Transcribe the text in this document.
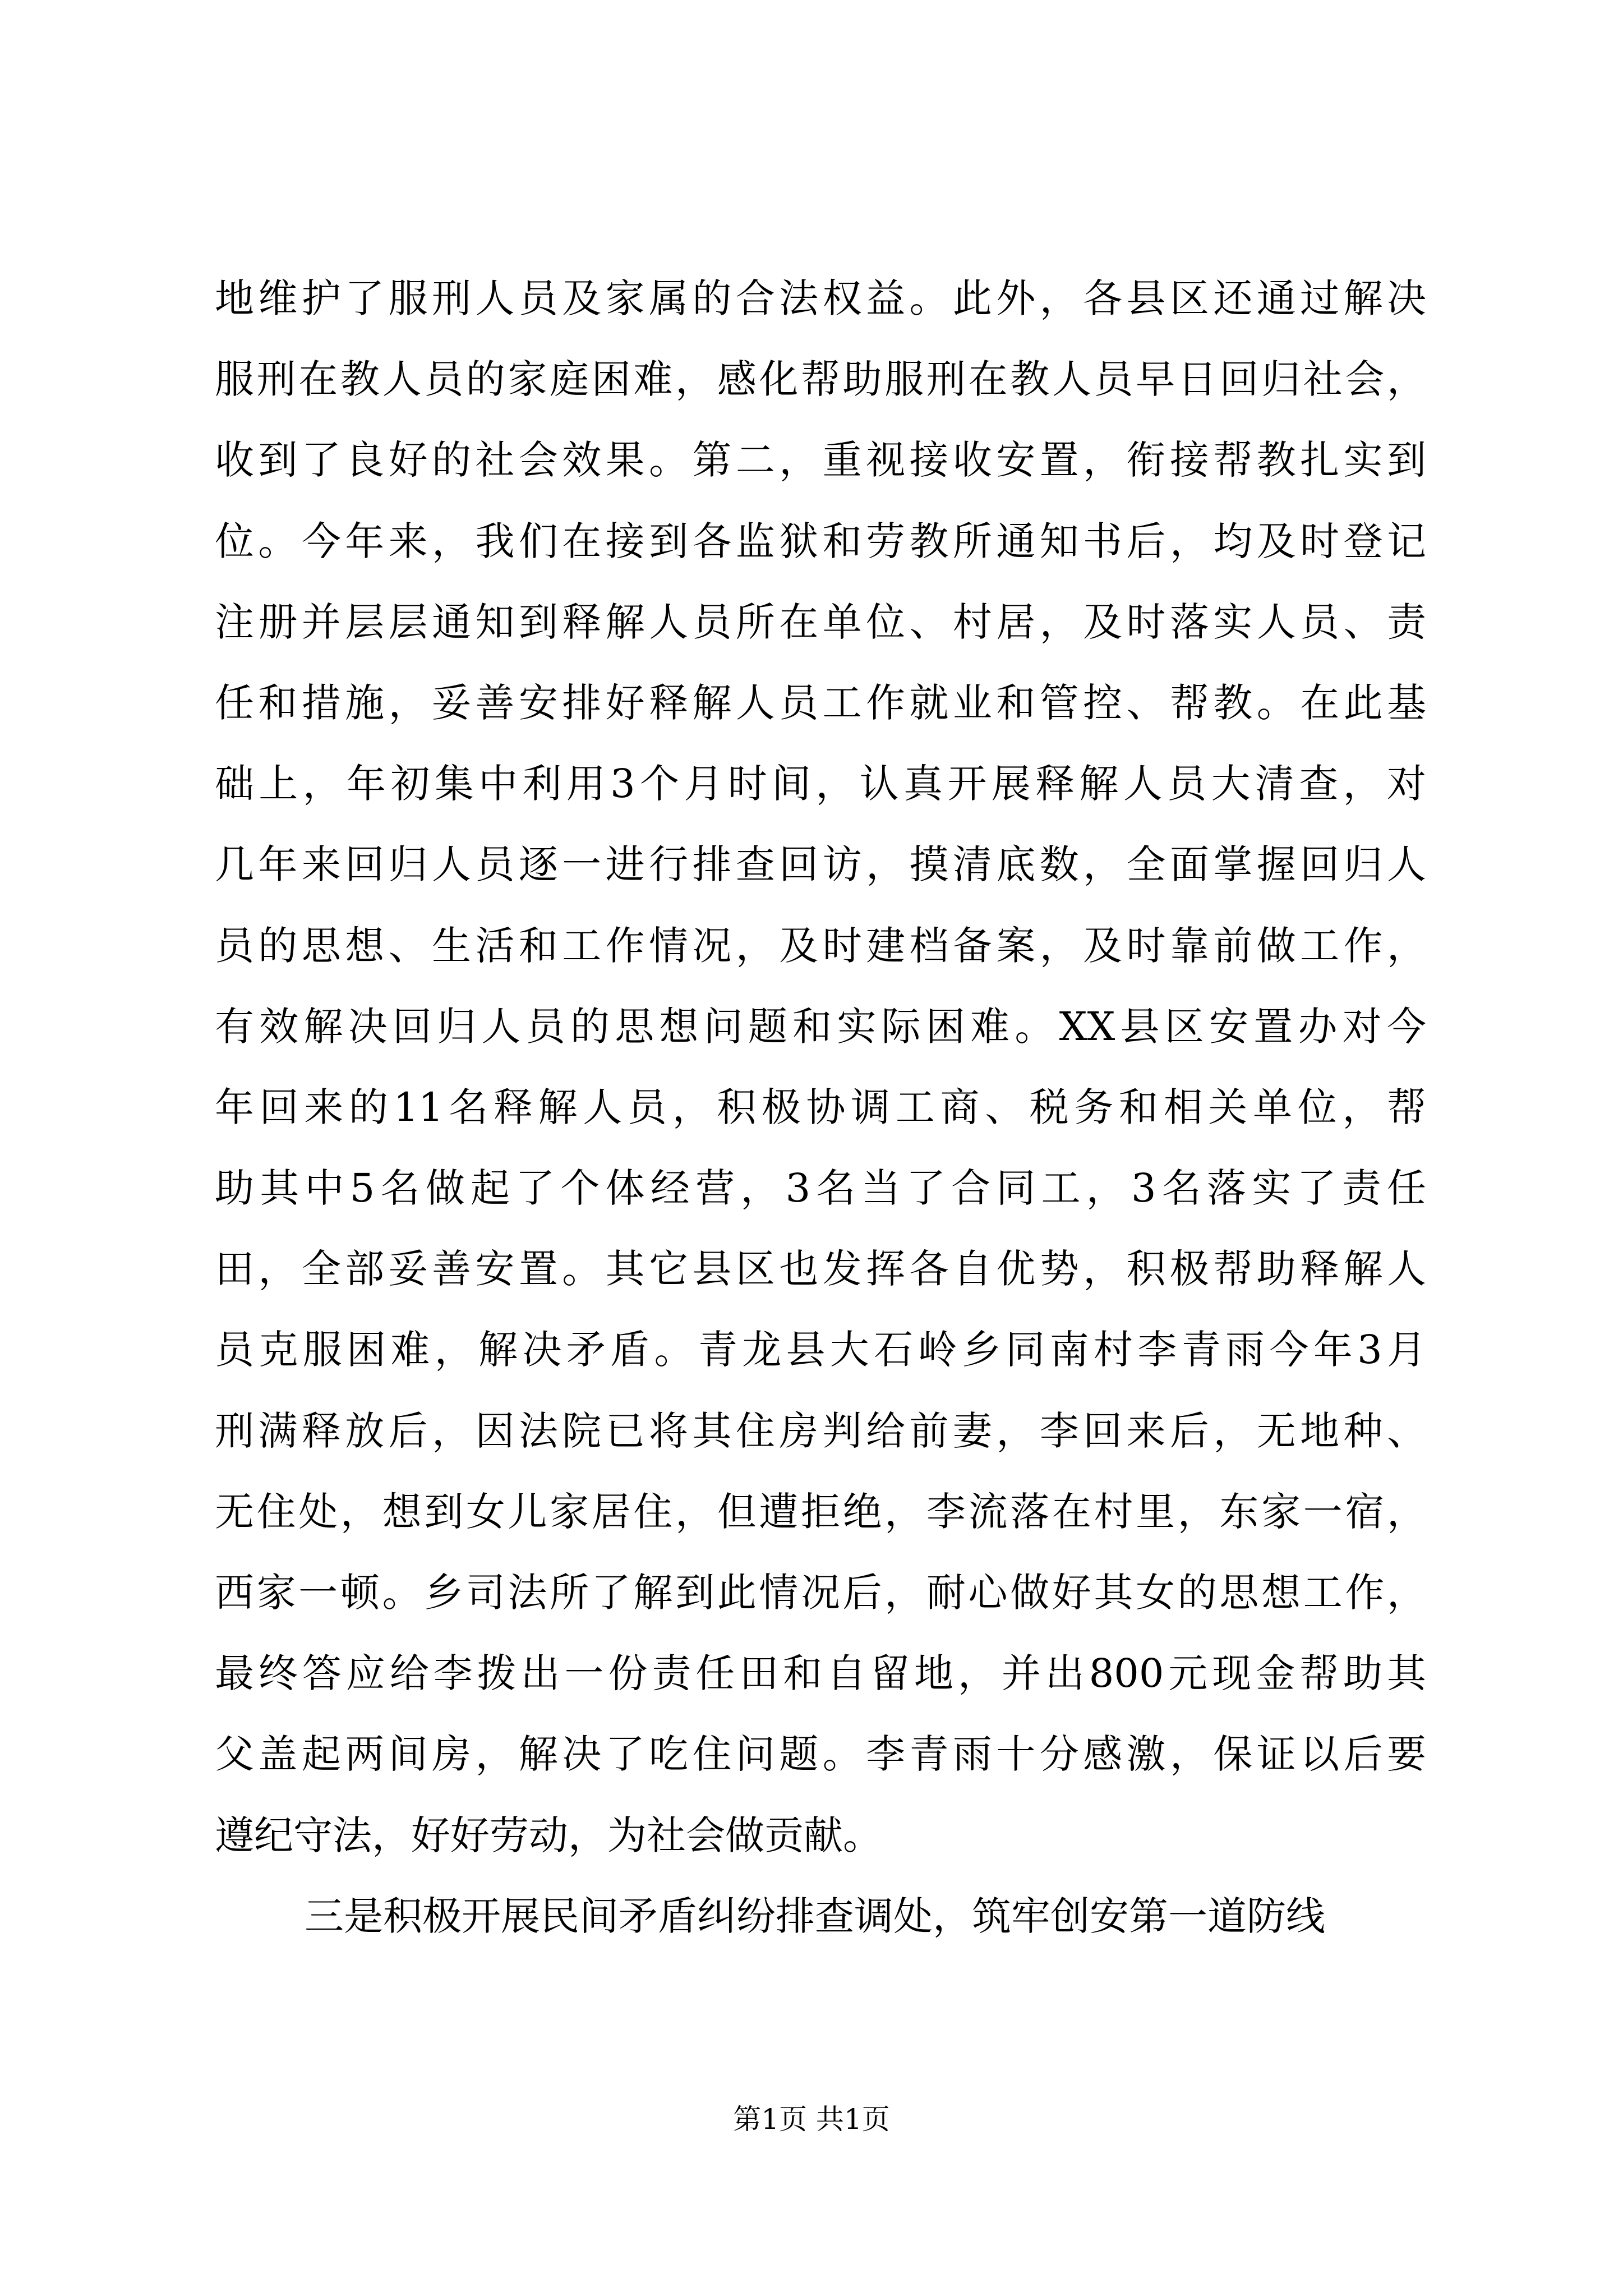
地维护了服刑人员及家属的合法权益。此外，各县区还通过解决
服刑在教人员的家庭困难，感化帮助服刑在教人员早日回归社会，
收到了良好的社会效果。第二，重视接收安置，衔接帮教扎实到
位。今年来，我们在接到各监狱和劳教所通知书后，均及时登记
注册并层层通知到释解人员所在单位、村居，及时落实人员、责
任和措施，妥善安排好释解人员工作就业和管控、帮教。在此基
础上，年初集中利用3个月时间，认真开展释解人员大清查，对
几年来回归人员逐一进行排查回访，摸清底数，全面掌握回归人
员的思想、生活和工作情况，及时建档备案，及时靠前做工作，
有效解决回归人员的思想问题和实际困难。XX县区安置办对今
年回来的11名释解人员，积极协调工商、税务和相关单位，帮
助其中5名做起了个体经营，3名当了合同工，3名落实了责任
田，全部妥善安置。其它县区也发挥各自优势，积极帮助释解人
员克服困难，解决矛盾。青龙县大石岭乡同南村李青雨今年3月
刑满释放后，因法院已将其住房判给前妻，李回来后，无地种、
无住处，想到女儿家居住，但遭拒绝，李流落在村里，东家一宿，
西家一顿。乡司法所了解到此情况后，耐心做好其女的思想工作，
最终答应给李拨出一份责任田和自留地，并出800元现金帮助其
父盖起两间房，解决了吃住问题。李青雨十分感激，保证以后要
遵纪守法，好好劳动，为社会做贡献。
三是积极开展民间矛盾纠纷排查调处，筑牢创安第一道防线
第1页 共1页
